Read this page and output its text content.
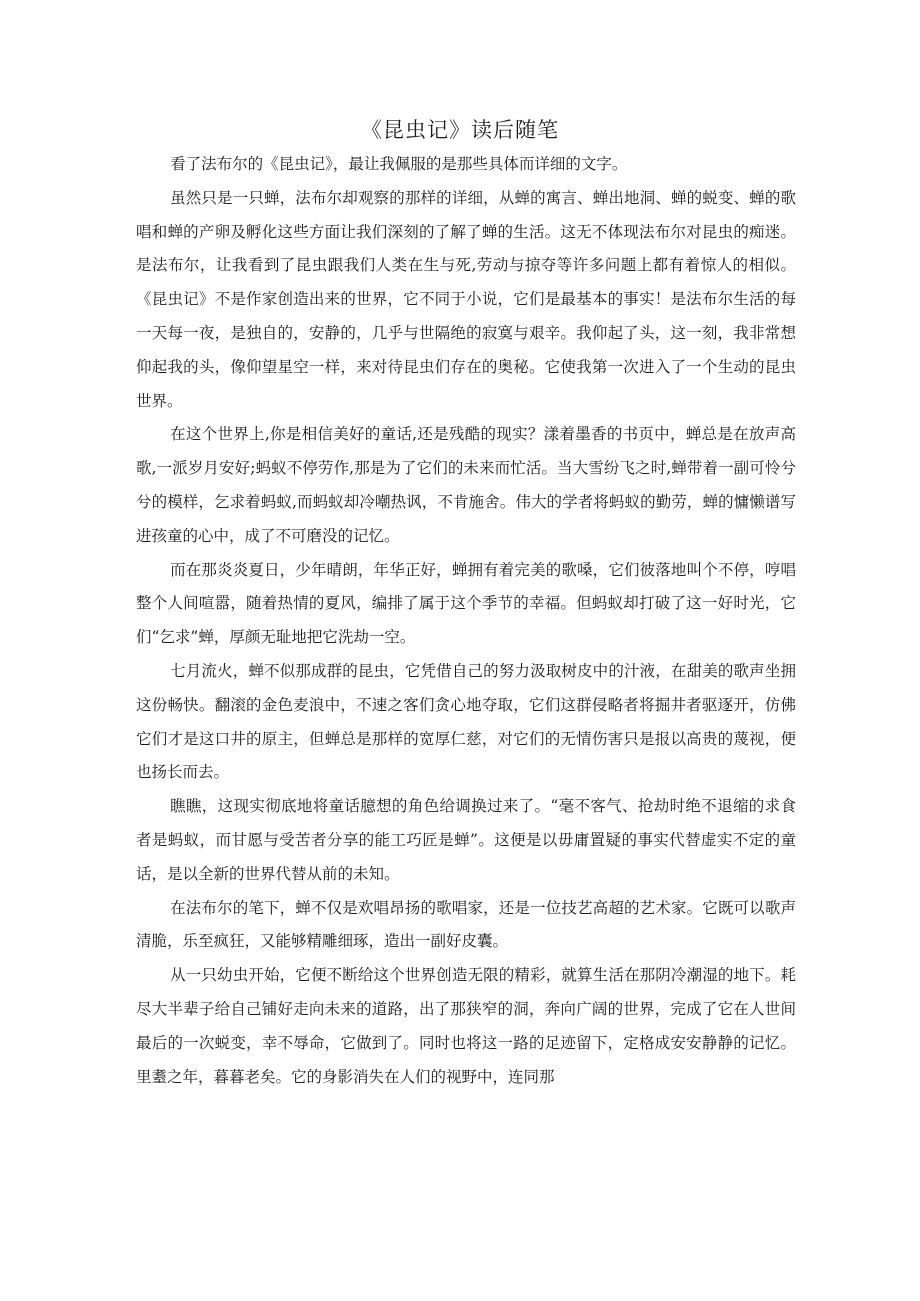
《昆虫记》读后随笔

看了法布尔的《昆虫记》，最让我佩服的是那些具体而详细的文字。

虽然只是一只蝉，法布尔却观察的那样的详细，从蝉的寓言、蝉出地洞、蝉的蜕变、蝉的歌唱和蝉的产卵及孵化这些方面让我们深刻的了解了蝉的生活。这无不体现法布尔对昆虫的痴迷。是法布尔，让我看到了昆虫跟我们人类在生与死,劳动与掠夺等许多问题上都有着惊人的相似。《昆虫记》不是作家创造出来的世界，它不同于小说，它们是最基本的事实！是法布尔生活的每一天每一夜，是独自的，安静的，几乎与世隔绝的寂寞与艰辛。我仰起了头，这一刻，我非常想仰起我的头，像仰望星空一样，来对待昆虫们存在的奥秘。它使我第一次进入了一个生动的昆虫世界。

在这个世界上,你是相信美好的童话,还是残酷的现实？漾着墨香的书页中，蝉总是在放声高歌,一派岁月安好;蚂蚁不停劳作,那是为了它们的未来而忙活。当大雪纷飞之时,蝉带着一副可怜兮兮的模样，乞求着蚂蚁,而蚂蚁却冷嘲热讽，不肯施舍。伟大的学者将蚂蚁的勤劳，蝉的慵懒谱写进孩童的心中，成了不可磨没的记忆。

而在那炎炎夏日，少年晴朗，年华正好，蝉拥有着完美的歌嗓，它们彼落地叫个不停，哼唱整个人间喧嚣，随着热情的夏风，编排了属于这个季节的幸福。但蚂蚁却打破了这一好时光，它们“乞求”蝉，厚颜无耻地把它洗劫一空。

七月流火，蝉不似那成群的昆虫，它凭借自己的努力汲取树皮中的汁液，在甜美的歌声坐拥这份畅快。翻滚的金色麦浪中，不速之客们贪心地夺取，它们这群侵略者将掘井者驱逐开，仿佛它们才是这口井的原主，但蝉总是那样的宽厚仁慈，对它们的无情伤害只是报以高贵的蔑视，便也扬长而去。

瞧瞧，这现实彻底地将童话臆想的角色给调换过来了。“毫不客气、抢劫时绝不退缩的求食者是蚂蚁，而甘愿与受苦者分享的能工巧匠是蝉”。这便是以毋庸置疑的事实代替虚实不定的童话，是以全新的世界代替从前的未知。

在法布尔的笔下，蝉不仅是欢唱昂扬的歌唱家，还是一位技艺高超的艺术家。它既可以歌声清脆，乐至疯狂，又能够精雕细琢，造出一副好皮囊。

从一只幼虫开始，它便不断给这个世界创造无限的精彩，就算生活在那阴冷潮湿的地下。耗尽大半辈子给自己铺好走向未来的道路，出了那狭窄的洞，奔向广阔的世界，完成了它在人世间最后的一次蜕变，幸不辱命，它做到了。同时也将这一路的足迹留下，定格成安安静静的记忆。里耋之年，暮暮老矣。它的身影消失在人们的视野中，连同那
